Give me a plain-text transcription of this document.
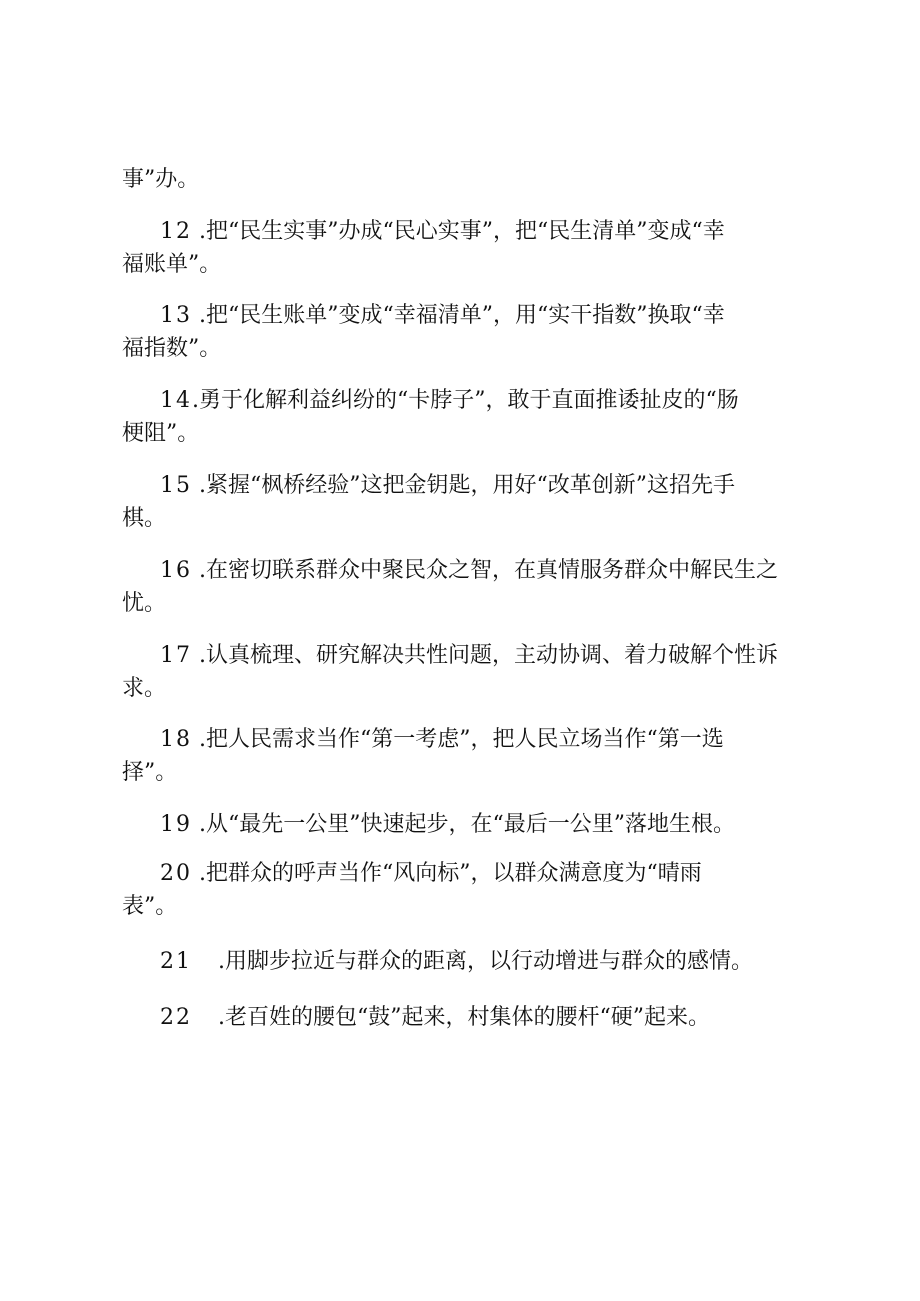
事”办。
12 .把“民生实事”办成“民心实事”，把“民生清单”变成“幸
福账单”。
13 .把“民生账单”变成“幸福清单”，用“实干指数”换取“幸
福指数”。
14.勇于化解利益纠纷的“卡脖子”，敢于直面推诿扯皮的“肠
梗阻”。
15 .紧握“枫桥经验”这把金钥匙，用好“改革创新”这招先手
棋。
16 .在密切联系群众中聚民众之智，在真情服务群众中解民生之
忧。
17 .认真梳理、研究解决共性问题，主动协调、着力破解个性诉
求。
18 .把人民需求当作“第一考虑”，把人民立场当作“第一选
择”。
19 .从“最先一公里”快速起步，在“最后一公里”落地生根。
20 .把群众的呼声当作“风向标”，以群众满意度为“晴雨
表”。
21 .用脚步拉近与群众的距离，以行动增进与群众的感情。
22 .老百姓的腰包“鼓”起来，村集体的腰杆“硬”起来。
